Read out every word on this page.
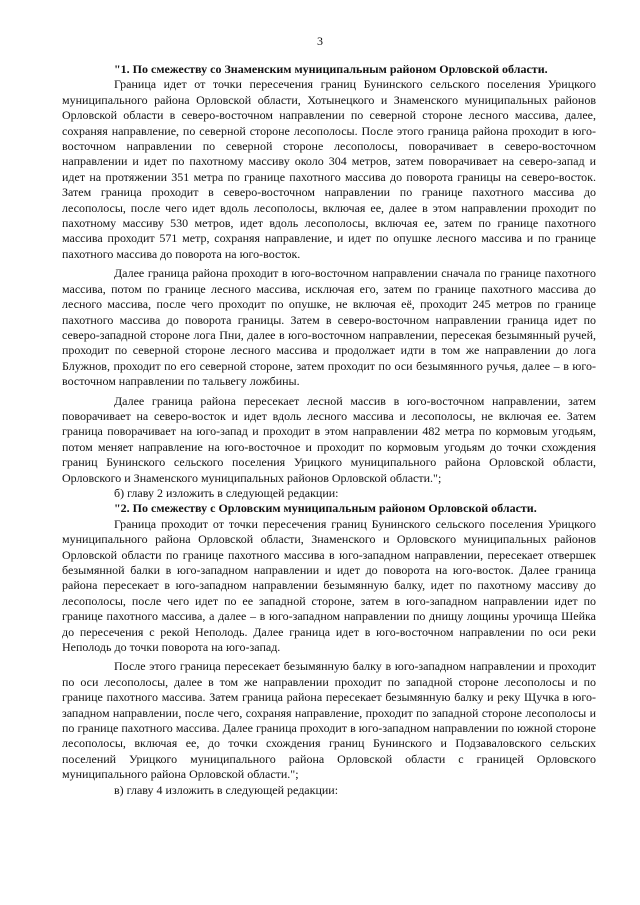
3

"1. По смежеству со Знаменским муниципальным районом Орловской области.

Граница идет от точки пересечения границ Бунинского сельского поселения Урицкого муниципального района Орловской области, Хотынецкого и Знаменского муниципальных районов Орловской области в северо-восточном направлении по северной стороне лесного массива, далее, сохраняя направление, по северной стороне лесополосы. После этого граница района проходит в юго-восточном направлении по северной стороне лесополосы, поворачивает в северо-восточном направлении и идет по пахотному массиву около 304 метров, затем поворачивает на северо-запад и идет на протяжении 351 метра по границе пахотного массива до поворота границы на северо-восток. Затем граница проходит в северо-восточном направлении по границе пахотного массива до лесополосы, после чего идет вдоль лесополосы, включая ее, далее в этом направлении проходит по пахотному массиву 530 метров, идет вдоль лесополосы, включая ее, затем по границе пахотного массива проходит 571 метр, сохраняя направление, и идет по опушке лесного массива и по границе пахотного массива до поворота на юго-восток.

Далее граница района проходит в юго-восточном направлении сначала по границе пахотного массива, потом по границе лесного массива, исключая его, затем по границе пахотного массива до лесного массива, после чего проходит по опушке, не включая её, проходит 245 метров по границе пахотного массива до поворота границы. Затем в северо-восточном направлении граница идет по северо-западной стороне лога Пни, далее в юго-восточном направлении, пересекая безымянный ручей, проходит по северной стороне лесного массива и продолжает идти в том же направлении до лога Блужнов, проходит по его северной стороне, затем проходит по оси безымянного ручья, далее – в юго-восточном направлении по тальвегу ложбины.

Далее граница района пересекает лесной массив в юго-восточном направлении, затем поворачивает на северо-восток и идет вдоль лесного массива и лесополосы, не включая ее. Затем граница поворачивает на юго-запад и проходит в этом направлении 482 метра по кормовым угодьям, потом меняет направление на юго-восточное и проходит по кормовым угодьям до точки схождения границ Бунинского сельского поселения Урицкого муниципального района Орловской области, Орловского и Знаменского муниципальных районов Орловской области.";

б) главу 2 изложить в следующей редакции:

"2. По смежеству с Орловским муниципальным районом Орловской области.

Граница проходит от точки пересечения границ Бунинского сельского поселения Урицкого муниципального района Орловской области, Знаменского и Орловского муниципальных районов Орловской области по границе пахотного массива в юго-западном направлении, пересекает отвершек безымянной балки в юго-западном направлении и идет до поворота на юго-восток. Далее граница района пересекает в юго-западном направлении безымянную балку, идет по пахотному массиву до лесополосы, после чего идет по ее западной стороне, затем в юго-западном направлении идет по границе пахотного массива, а далее – в юго-западном направлении по днищу лощины урочища Шейка до пересечения с рекой Неполодь. Далее граница идет в юго-восточном направлении по оси реки Неполодь до точки поворота на юго-запад.

После этого граница пересекает безымянную балку в юго-западном направлении и проходит по оси лесополосы, далее в том же направлении проходит по западной стороне лесополосы и по границе пахотного массива. Затем граница района пересекает безымянную балку и реку Щучка в юго-западном направлении, после чего, сохраняя направление, проходит по западной стороне лесополосы и по границе пахотного массива. Далее граница проходит в юго-западном направлении по южной стороне лесополосы, включая ее, до точки схождения границ Бунинского и Подзаваловского сельских поселений Урицкого муниципального района Орловской области с границей Орловского муниципального района Орловской области.";

в) главу 4 изложить в следующей редакции:
